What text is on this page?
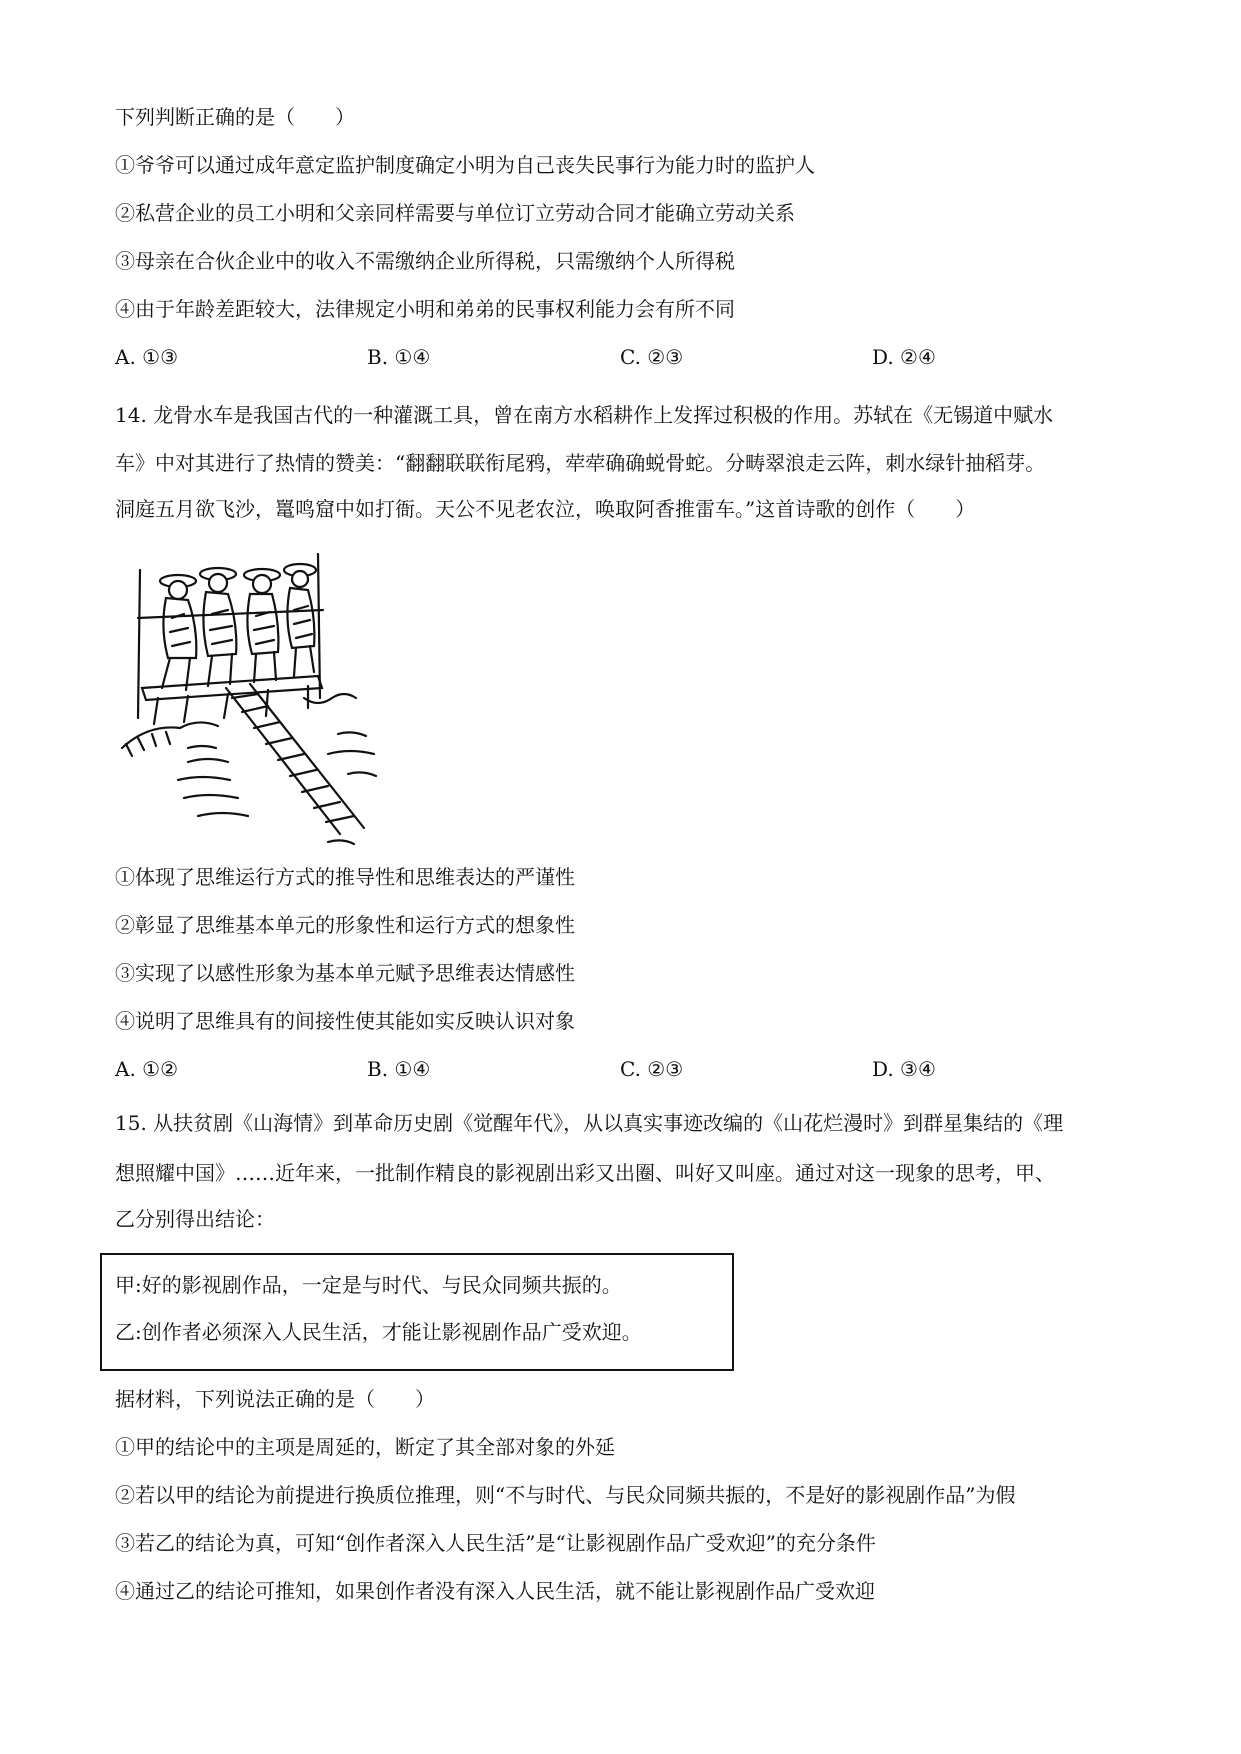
下列判断正确的是（　　）
①爷爷可以通过成年意定监护制度确定小明为自己丧失民事行为能力时的监护人
②私营企业的员工小明和父亲同样需要与单位订立劳动合同才能确立劳动关系
③母亲在合伙企业中的收入不需缴纳企业所得税，只需缴纳个人所得税
④由于年龄差距较大，法律规定小明和弟弟的民事权利能力会有所不同
A. ①③	B. ①④	C. ②③	D. ②④
14. 龙骨水车是我国古代的一种灌溉工具，曾在南方水稻耕作上发挥过积极的作用。苏轼在《无锡道中赋水
车》中对其进行了热情的赞美：“翻翻联联衔尾鸦，荦荦确确蜕骨蛇。分畴翠浪走云阵，刺水绿针抽稻芽。
洞庭五月欲飞沙，鼍鸣窟中如打衙。天公不见老农泣，唤取阿香推雷车。”这首诗歌的创作（　　）
①体现了思维运行方式的推导性和思维表达的严谨性
②彰显了思维基本单元的形象性和运行方式的想象性
③实现了以感性形象为基本单元赋予思维表达情感性
④说明了思维具有的间接性使其能如实反映认识对象
A. ①②	B. ①④	C. ②③	D. ③④
15. 从扶贫剧《山海情》到革命历史剧《觉醒年代》，从以真实事迹改编的《山花烂漫时》到群星集结的《理
想照耀中国》……近年来，一批制作精良的影视剧出彩又出圈、叫好又叫座。通过对这一现象的思考，甲、
乙分别得出结论：
甲:好的影视剧作品，一定是与时代、与民众同频共振的。
乙:创作者必须深入人民生活，才能让影视剧作品广受欢迎。
据材料，下列说法正确的是（　　）
①甲的结论中的主项是周延的，断定了其全部对象的外延
②若以甲的结论为前提进行换质位推理，则“不与时代、与民众同频共振的，不是好的影视剧作品”为假
③若乙的结论为真，可知“创作者深入人民生活”是“让影视剧作品广受欢迎”的充分条件
④通过乙的结论可推知，如果创作者没有深入人民生活，就不能让影视剧作品广受欢迎
